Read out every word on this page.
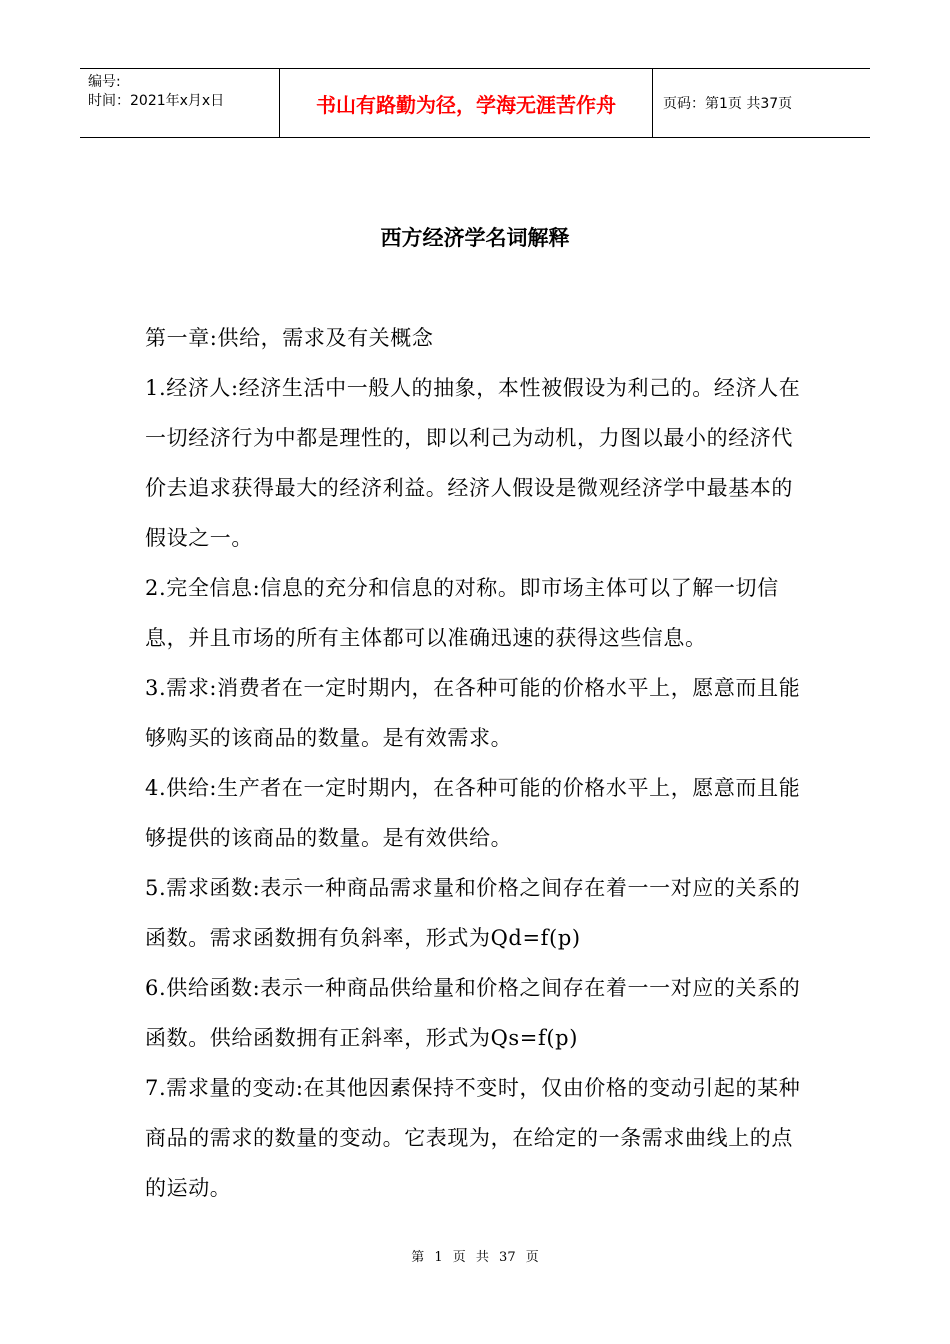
编号:
时间：2021年x月x日	书山有路勤为径，学海无涯苦作舟	页码：第1页 共37页
西方经济学名词解释

第一章:供给，需求及有关概念

1.经济人:经济生活中一般人的抽象，本性被假设为利己的。经济人在一切经济行为中都是理性的，即以利己为动机，力图以最小的经济代价去追求获得最大的经济利益。经济人假设是微观经济学中最基本的假设之一。

2.完全信息:信息的充分和信息的对称。即市场主体可以了解一切信息，并且市场的所有主体都可以准确迅速的获得这些信息。

3.需求:消费者在一定时期内，在各种可能的价格水平上，愿意而且能够购买的该商品的数量。是有效需求。

4.供给:生产者在一定时期内，在各种可能的价格水平上，愿意而且能够提供的该商品的数量。是有效供给。

5.需求函数:表示一种商品需求量和价格之间存在着一一对应的关系的函数。需求函数拥有负斜率，形式为Qd=f(p)

6.供给函数:表示一种商品供给量和价格之间存在着一一对应的关系的函数。供给函数拥有正斜率，形式为Qs=f(p)

7.需求量的变动:在其他因素保持不变时，仅由价格的变动引起的某种商品的需求的数量的变动。它表现为，在给定的一条需求曲线上的点的运动。

第 1 页 共 37 页
